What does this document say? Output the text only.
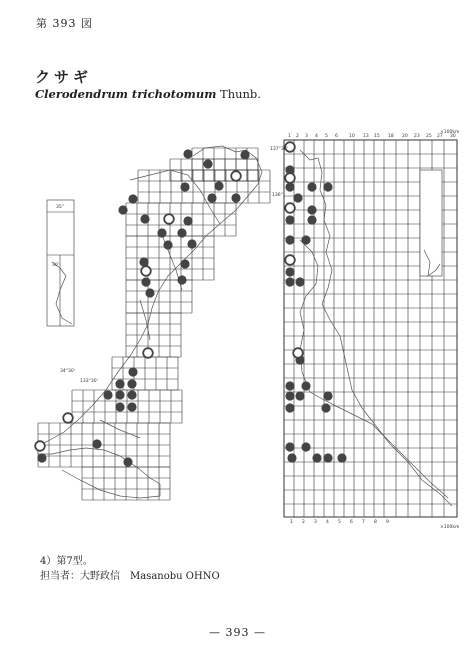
第 393 図
クサギ
Clerodendrum trichotomum Thunb.
35°
30'
34°30'
133°30'
136°
137°30'
1 2 3 4 5 6 10 13 15 18 20 23 25 27 30
1 2 3 4 5 6 7 8 9
×100km
×100km
4）第7型。
担当者：大野政信　Masanobu OHNO
— 393 —
